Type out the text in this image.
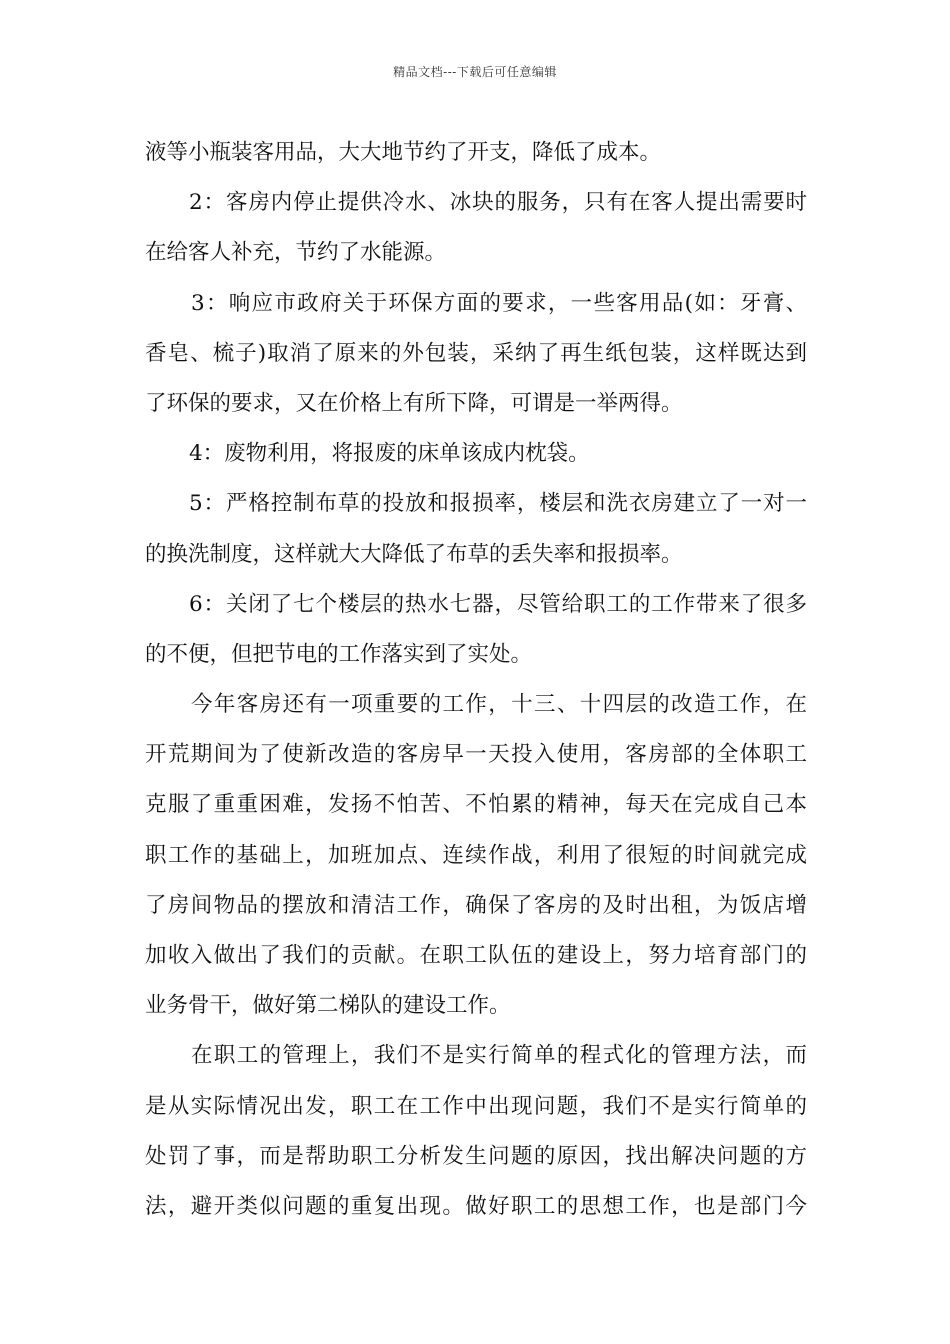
精品文档---下载后可任意编辑
液等小瓶装客用品，大大地节约了开支，降低了成本。
2：客房内停止提供冷水、冰块的服务，只有在客人提出需要时
在给客人补充，节约了水能源。
3：响应市政府关于环保方面的要求，一些客用品(如：牙膏、
香皂、梳子)取消了原来的外包装，采纳了再生纸包装，这样既达到
了环保的要求，又在价格上有所下降，可谓是一举两得。
4：废物利用，将报废的床单该成内枕袋。
5：严格控制布草的投放和报损率，楼层和洗衣房建立了一对一
的换洗制度，这样就大大降低了布草的丢失率和报损率。
6：关闭了七个楼层的热水七器，尽管给职工的工作带来了很多
的不便，但把节电的工作落实到了实处。
今年客房还有一项重要的工作，十三、十四层的改造工作，在
开荒期间为了使新改造的客房早一天投入使用，客房部的全体职工
克服了重重困难，发扬不怕苦、不怕累的精神，每天在完成自己本
职工作的基础上，加班加点、连续作战，利用了很短的时间就完成
了房间物品的摆放和清洁工作，确保了客房的及时出租，为饭店增
加收入做出了我们的贡献。在职工队伍的建设上，努力培育部门的
业务骨干，做好第二梯队的建设工作。
在职工的管理上，我们不是实行简单的程式化的管理方法，而
是从实际情况出发，职工在工作中出现问题，我们不是实行简单的
处罚了事，而是帮助职工分析发生问题的原因，找出解决问题的方
法，避开类似问题的重复出现。做好职工的思想工作，也是部门今
